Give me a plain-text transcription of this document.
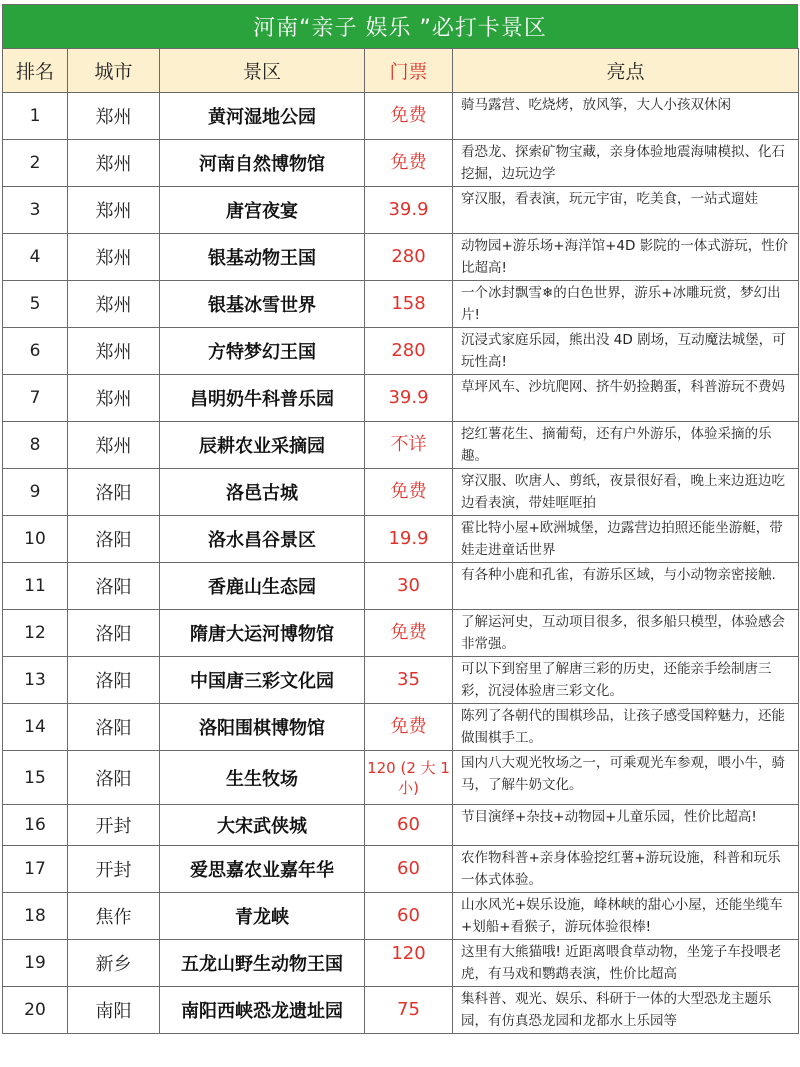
河南“亲子 娱乐 ”必打卡景区
排名	城市	景区	门票	亮点
1	郑州	黄河湿地公园	免费	骑马露营、吃烧烤，放风筝，大人小孩双休闲
2	郑州	河南自然博物馆	免费	看恐龙、探索矿物宝藏，亲身体验地震海啸模拟、化石挖掘，边玩边学
3	郑州	唐宫夜宴	39.9	穿汉服，看表演，玩元宇宙，吃美食，一站式遛娃
4	郑州	银基动物王国	280	动物园+游乐场+海洋馆+4D 影院的一体式游玩，性价比超高!
5	郑州	银基冰雪世界	158	一个冰封飘雪❄的白色世界，游乐+冰雕玩赏，梦幻出片!
6	郑州	方特梦幻王国	280	沉浸式家庭乐园，熊出没 4D 剧场，互动魔法城堡，可玩性高!
7	郑州	昌明奶牛科普乐园	39.9	草坪风车、沙坑爬网、挤牛奶捡鹅蛋，科普游玩不费妈
8	郑州	辰耕农业采摘园	不详	挖红薯花生、摘葡萄，还有户外游乐，体验采摘的乐趣。
9	洛阳	洛邑古城	免费	穿汉服、吹唐人、剪纸，夜景很好看，晚上来边逛边吃边看表演，带娃哐哐拍
10	洛阳	洛水昌谷景区	19.9	霍比特小屋+欧洲城堡，边露营边拍照还能坐游艇，带娃走进童话世界
11	洛阳	香鹿山生态园	30	有各种小鹿和孔雀，有游乐区域，与小动物亲密接触.
12	洛阳	隋唐大运河博物馆	免费	了解运河史，互动项目很多，很多船只模型，体验感会非常强。
13	洛阳	中国唐三彩文化园	35	可以下到窑里了解唐三彩的历史，还能亲手绘制唐三彩，沉浸体验唐三彩文化。
14	洛阳	洛阳围棋博物馆	免费	陈列了各朝代的围棋珍品，让孩子感受国粹魅力，还能做围棋手工。
15	洛阳	生生牧场	120 (2 大 1 小)	国内八大观光牧场之一，可乘观光车参观，喂小牛，骑马，了解牛奶文化。
16	开封	大宋武侠城	60	节目演绎+杂技+动物园+儿童乐园，性价比超高!
17	开封	爱思嘉农业嘉年华	60	农作物科普+亲身体验挖红薯+游玩设施，科普和玩乐一体式体验。
18	焦作	青龙峡	60	山水风光+娱乐设施，峰林峡的甜心小屋，还能坐缆车+划船+看猴子，游玩体验很棒!
19	新乡	五龙山野生动物王国	120	这里有大熊猫哦! 近距离喂食草动物，坐笼子车投喂老虎，有马戏和鹦鹉表演，性价比超高
20	南阳	南阳西峡恐龙遗址园	75	集科普、观光、娱乐、科研于一体的大型恐龙主题乐园，有仿真恐龙园和龙都水上乐园等
